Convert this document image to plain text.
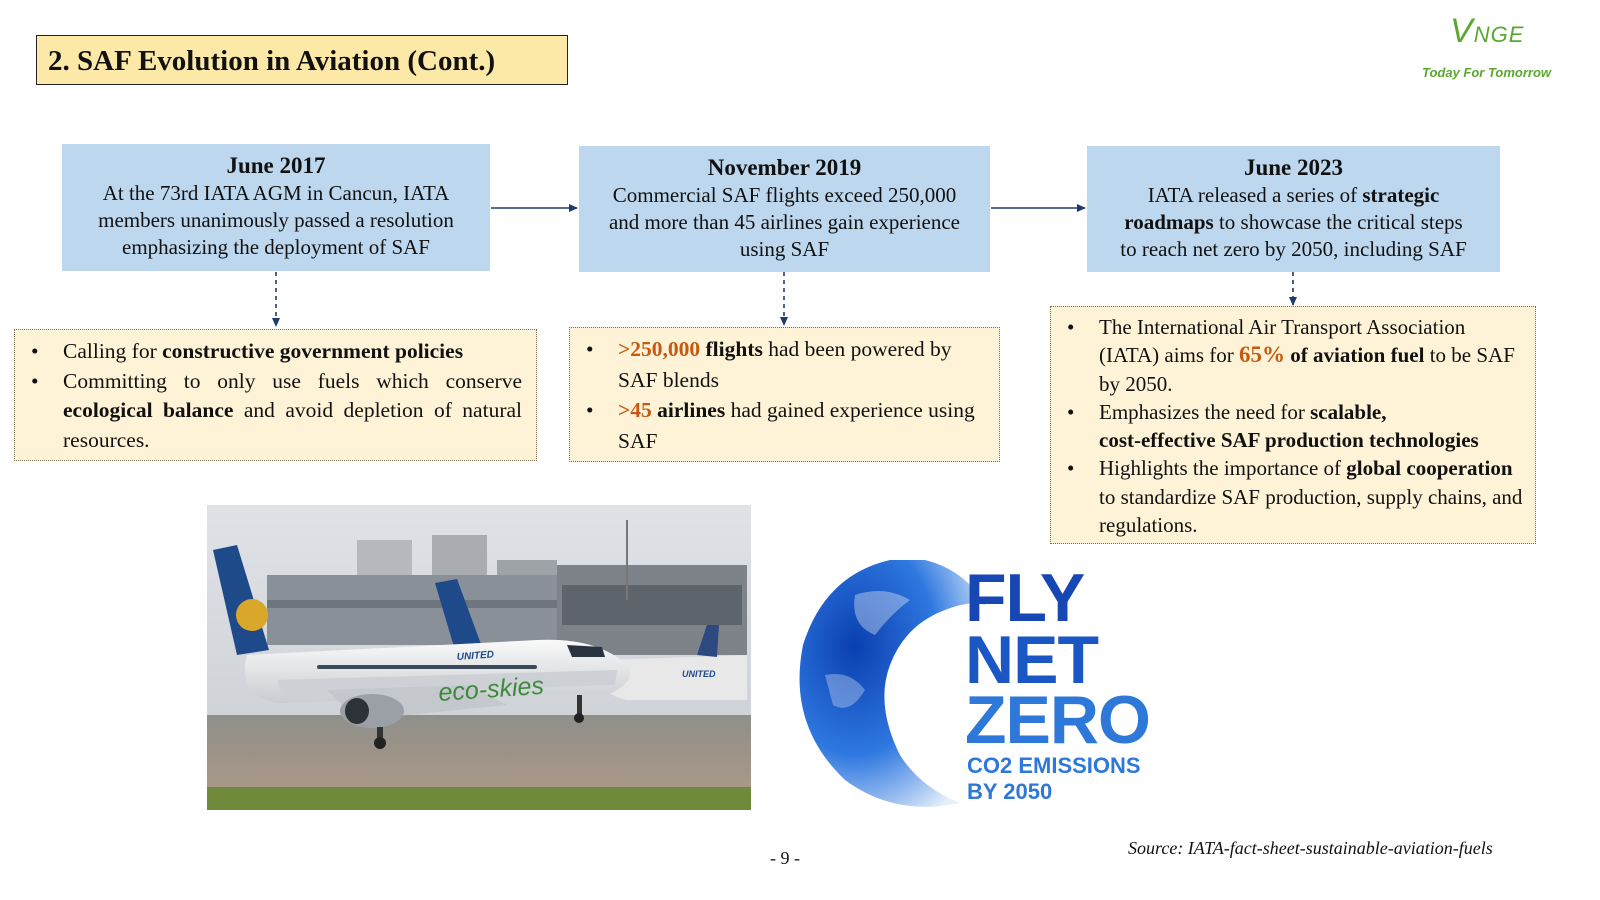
2. SAF Evolution in Aviation (Cont.)
VNGE
Today For Tomorrow
June 2017
At the 73rd IATA AGM in Cancun, IATA
members unanimously passed a resolution
emphasizing the deployment of SAF
November 2019
Commercial SAF flights exceed 250,000
and more than 45 airlines gain experience
using SAF
June 2023
IATA released a series of strategic
roadmaps to showcase the critical steps
to reach net zero by 2050, including SAF
• Calling for constructive government policies
• Committing to only use fuels which conserve ecological balance and avoid depletion of natural resources.
• >250,000 flights had been powered by SAF blends
• >45 airlines had gained experience using SAF
• The International Air Transport Association (IATA) aims for 65% of aviation fuel to be SAF by 2050.
• Emphasizes the need for scalable,
cost-effective SAF production technologies
• Highlights the importance of global cooperation to standardize SAF production, supply chains, and regulations.
UNITED
eco-skies	UNITED
FLY
NET
ZERO
CO2 EMISSIONS
BY 2050
- 9 -	Source: IATA-fact-sheet-sustainable-aviation-fuels
